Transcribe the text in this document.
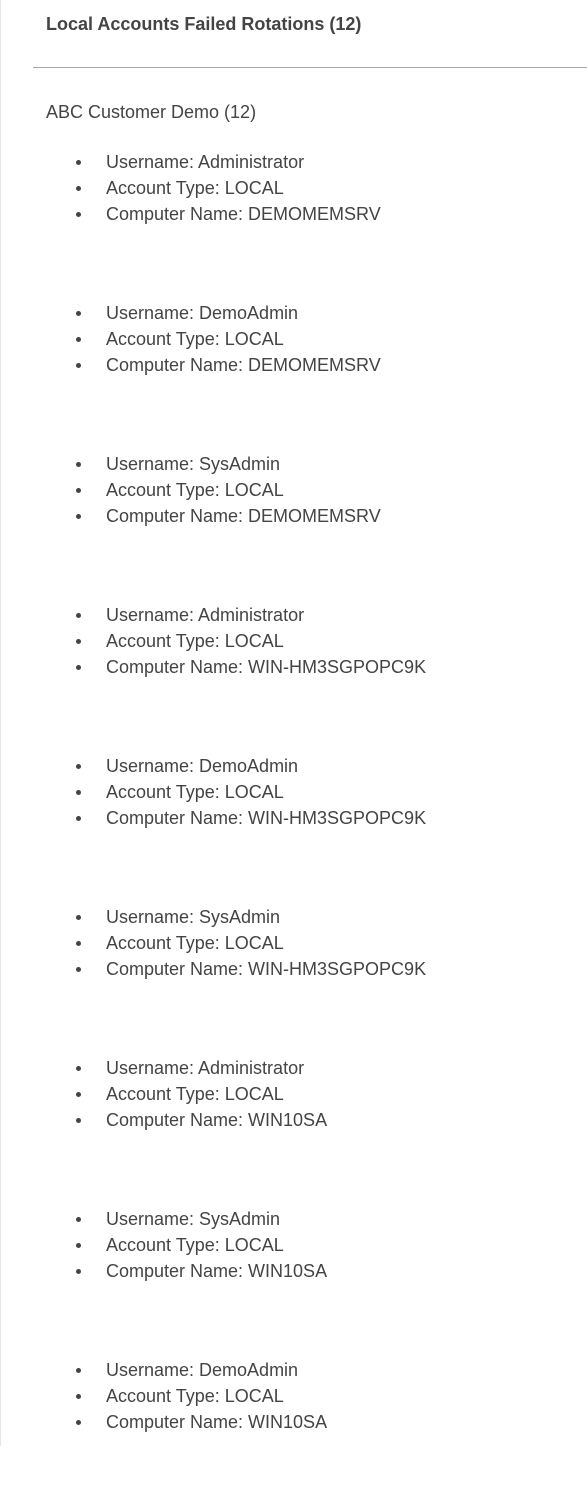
Local Accounts Failed Rotations (12)
ABC Customer Demo (12)
Username: Administrator
Account Type: LOCAL
Computer Name: DEMOMEMSRV
Username: DemoAdmin
Account Type: LOCAL
Computer Name: DEMOMEMSRV
Username: SysAdmin
Account Type: LOCAL
Computer Name: DEMOMEMSRV
Username: Administrator
Account Type: LOCAL
Computer Name: WIN-HM3SGPOPC9K
Username: DemoAdmin
Account Type: LOCAL
Computer Name: WIN-HM3SGPOPC9K
Username: SysAdmin
Account Type: LOCAL
Computer Name: WIN-HM3SGPOPC9K
Username: Administrator
Account Type: LOCAL
Computer Name: WIN10SA
Username: SysAdmin
Account Type: LOCAL
Computer Name: WIN10SA
Username: DemoAdmin
Account Type: LOCAL
Computer Name: WIN10SA
